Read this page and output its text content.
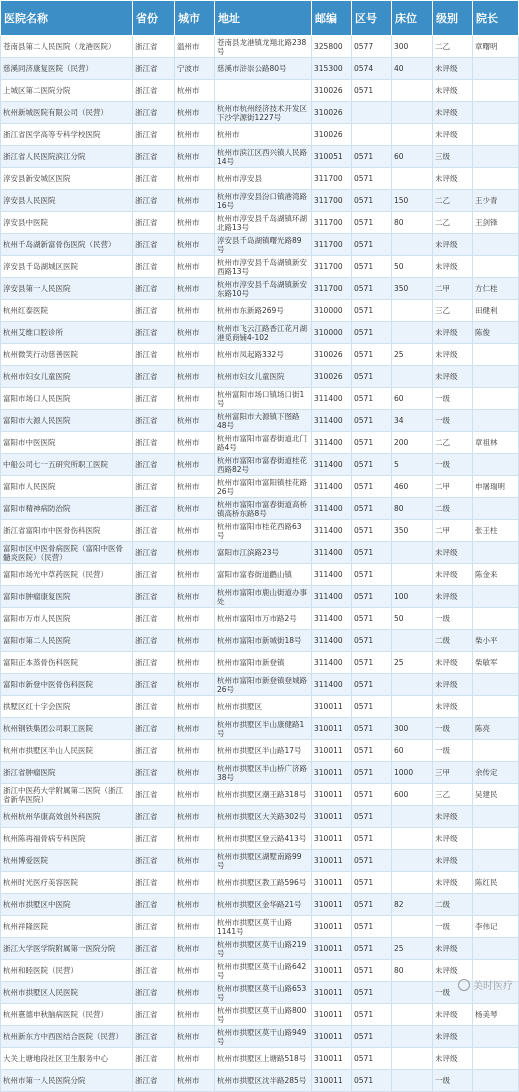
医院名称	省份	城市	地址	邮编	区号	床位	级别	院长
苍南县第二人民医院（龙港医院）	浙江省	温州市	苍南县龙港镇龙翔北路238号	325800	0577	300	二乙	章曙明
慈溪同济康复医院（民营）	浙江省	宁波市	慈溪市浒崇公路80号	315300	0574	40	未评级	
上城区第二医院分院	浙江省	杭州市		310026	0571		未评级	
杭州新城医院有限公司（民营）	浙江省	杭州市	杭州市杭州经济技术开发区下沙学源街1227号	310026			未评级	
浙江省医学高等专科学校医院	浙江省	杭州市	杭州市	310026			未评级	
浙江省人民医院滨江分院	浙江省	杭州市	杭州市滨江区西兴镇人民路14号	310051	0571	60	三级	
淳安县新安城区医院	浙江省	杭州市	杭州市淳安县	311700	0571		未评级	
淳安县人民医院	浙江省	杭州市	杭州市淳安县汾口镇港湾路16号	311700	0571	150	二乙	王少青
淳安县中医院	浙江省	杭州市	杭州市淳安县千岛湖镇环湖北路13号	311700	0571	80	二乙	王剑锋
杭州千岛湖新富骨伤医院（民营）	浙江省	杭州市	淳安县千岛湖镇曙光路89号	311700	0571		未评级	
淳安县千岛湖城区医院	浙江省	杭州市	杭州市淳安县千岛湖镇新安西路13号	311700	0571	50	未评级	
淳安县第一人民医院	浙江省	杭州市	杭州市淳安县千岛湖镇新安东路10号	311700	0571	350	二甲	方仁桂
杭州红泰医院	浙江省	杭州市	杭州市东新路269号	310000	0571		三乙	田健利
杭州艾维口腔诊所	浙江省	杭州市	杭州市飞云江路香江花月湖港觅商铺4-102	310000	0571		未评级	陈俊
杭州微笑行动慈善医院	浙江省	杭州市	杭州市凤起路332号	310026	0571	25	未评级	
杭州市妇女儿童医院	浙江省	杭州市	杭州市妇女儿童医院	310026	0571		未评级	
富阳市场口人民医院	浙江省	杭州市	杭州富阳市场口镇场口街1号	311400	0571	60	一级	
富阳市大源人民医院	浙江省	杭州市	杭州富阳市大源镇下图路48号	311400	0571	34	一级	
富阳市中医医院	浙江省	杭州市	杭州市富阳市富春街道北门路4号	311400	0571	200	二乙	章祖林
中船公司七一五研究所职工医院	浙江省	杭州市	杭州市富阳市富春街道桂花西路82号	311400	0571	5	一级	
富阳市人民医院	浙江省	杭州市	杭州市富阳市富阳镇桂花路26号	311400	0571	460	二甲	申屠瑞明
富阳市精神病防治院	浙江省	杭州市	杭州市富阳市富春街道高桥镇高桥东路8号	311400	0571	80	二级	
浙江省富阳市中医骨伤科医院	浙江省	杭州市	杭州市富阳市桂花西路63号	311400	0571	350	二甲	张王柱
富阳市区中医骨病医院（富阳中医骨髓炎医院）（民营）	浙江省	杭州市	富阳市江滨路23号	311400	0571		未评级	
富阳市场光中草药医院（民营）	浙江省	杭州市	富阳市富春街道鹳山镇	311400	0571		未评级	陈金来
富阳市肿瘤康复医院	浙江省	杭州市	杭州市富阳市鹿山街道办事处	311400	0571	100	未评级	
富阳市万市人民医院	浙江省	杭州市	杭州市富阳市万市路2号	311400	0571	50	一级	
富阳市第二人民医院	浙江省	杭州市	杭州市富阳市新城街18号	311400	0571		二级	柴小平
富阳正本蒸骨伤科医院	浙江省	杭州市	杭州市富阳市新登镇	311400	0571	25	未评级	柴敏军
富阳市新登中医骨伤科医院	浙江省	杭州市	杭州市富阳市新登镇登城路26号	311400	0571		未评级	
拱墅区红十字会医院	浙江省	杭州市	杭州市拱墅区	310011	0571		未评级	
杭州钢铁集团公司职工医院	浙江省	杭州市	杭州市拱墅区半山康健路1号	310011	0571	300	一级	陈亮
杭州市拱墅区半山人民医院	浙江省	杭州市	杭州市拱墅区半山路17号	310011	0571	60	一级	
浙江省肿瘤医院	浙江省	杭州市	杭州市拱墅区半山桥广济路38号	310011	0571	1000	三甲	余传定
浙江中医药大学附属第二医院（浙江省新华医院）	浙江省	杭州市	杭州市拱墅区潮王路318号	310011	0571	600	三乙	吴建民
杭州杭州华康高效创外科医院	浙江省	杭州市	杭州市拱墅区大关路302号	310011	0571		未评级	
杭州陈再福骨病专科医院	浙江省	杭州市	杭州市拱墅区登云路413号	310011	0571		未评级	
杭州博爱医院	浙江省	杭州市	杭州市拱墅区湖墅南路99号	310011	0571		未评级	
杭州时光医疗美容医院	浙江省	杭州市	杭州市拱墅区教工路596号	310011	0571		未评级	陈红民
杭州市拱墅区中医院	浙江省	杭州市	杭州市拱墅区金华路21号	310011	0571	82	二级	
杭州祥隆医院	浙江省	杭州市	杭州市拱墅区莫干山路1141号	310011	0571		一级	李伟记
浙江大学医学院附属第一医院分院	浙江省	杭州市	杭州市拱墅区莫干山路219号	310011	0571	25	未评级	
杭州和睦医院（民营）	浙江省	杭州市	杭州市拱墅区莫干山路642号	310011	0571	80	未评级	
杭州市拱墅区人民医院	浙江省	杭州市	杭州市拱墅区莫干山路653号	310011	0571		一级	
杭州憙德申秋脑病医院（民营）	浙江省	杭州市	杭州市拱墅区莫干山路800号	310011	0571		未评级	杨美琴
杭州新东方中西医结合医院（民营）	浙江省	杭州市	杭州市拱墅区莫干山路949号	310011	0571		未评级	
大关上塘地段社区卫生服务中心	浙江省	杭州市	杭州市拱墅区上塘路518号	310011	0571		未评级	
杭州市第一人民医院分院	浙江省	杭州市	杭州市拱墅区沈半路285号	310011	0571		一级	
美时医疗
